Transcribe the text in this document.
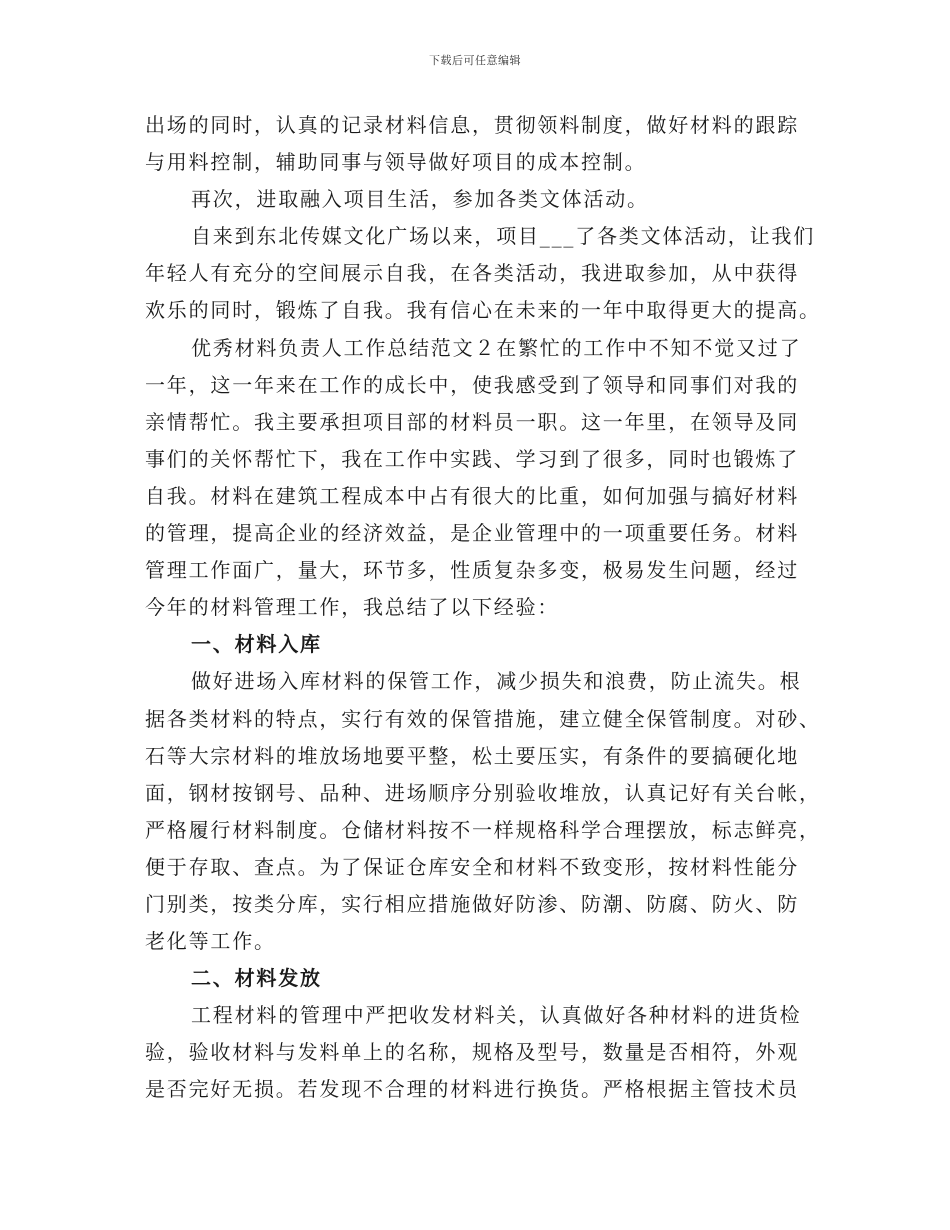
下载后可任意编辑
出场的同时，认真的记录材料信息，贯彻领料制度，做好材料的跟踪
与用料控制，辅助同事与领导做好项目的成本控制。
再次，进取融入项目生活，参加各类文体活动。
自来到东北传媒文化广场以来，项目___了各类文体活动，让我们
年轻人有充分的空间展示自我，在各类活动，我进取参加，从中获得
欢乐的同时，锻炼了自我。我有信心在未来的一年中取得更大的提高。
优秀材料负责人工作总结范文２在繁忙的工作中不知不觉又过了
一年，这一年来在工作的成长中，使我感受到了领导和同事们对我的
亲情帮忙。我主要承担项目部的材料员一职。这一年里，在领导及同
事们的关怀帮忙下，我在工作中实践、学习到了很多，同时也锻炼了
自我。材料在建筑工程成本中占有很大的比重，如何加强与搞好材料
的管理，提高企业的经济效益，是企业管理中的一项重要任务。材料
管理工作面广，量大，环节多，性质复杂多变，极易发生问题，经过
今年的材料管理工作，我总结了以下经验：
一、材料入库
做好进场入库材料的保管工作，减少损失和浪费，防止流失。根
据各类材料的特点，实行有效的保管措施，建立健全保管制度。对砂、
石等大宗材料的堆放场地要平整，松土要压实，有条件的要搞硬化地
面，钢材按钢号、品种、进场顺序分别验收堆放，认真记好有关台帐，
严格履行材料制度。仓储材料按不一样规格科学合理摆放，标志鲜亮，
便于存取、查点。为了保证仓库安全和材料不致变形，按材料性能分
门别类，按类分库，实行相应措施做好防渗、防潮、防腐、防火、防
老化等工作。
二、材料发放
工程材料的管理中严把收发材料关，认真做好各种材料的进货检
验，验收材料与发料单上的名称，规格及型号，数量是否相符，外观
是否完好无损。若发现不合理的材料进行换货。严格根据主管技术员
